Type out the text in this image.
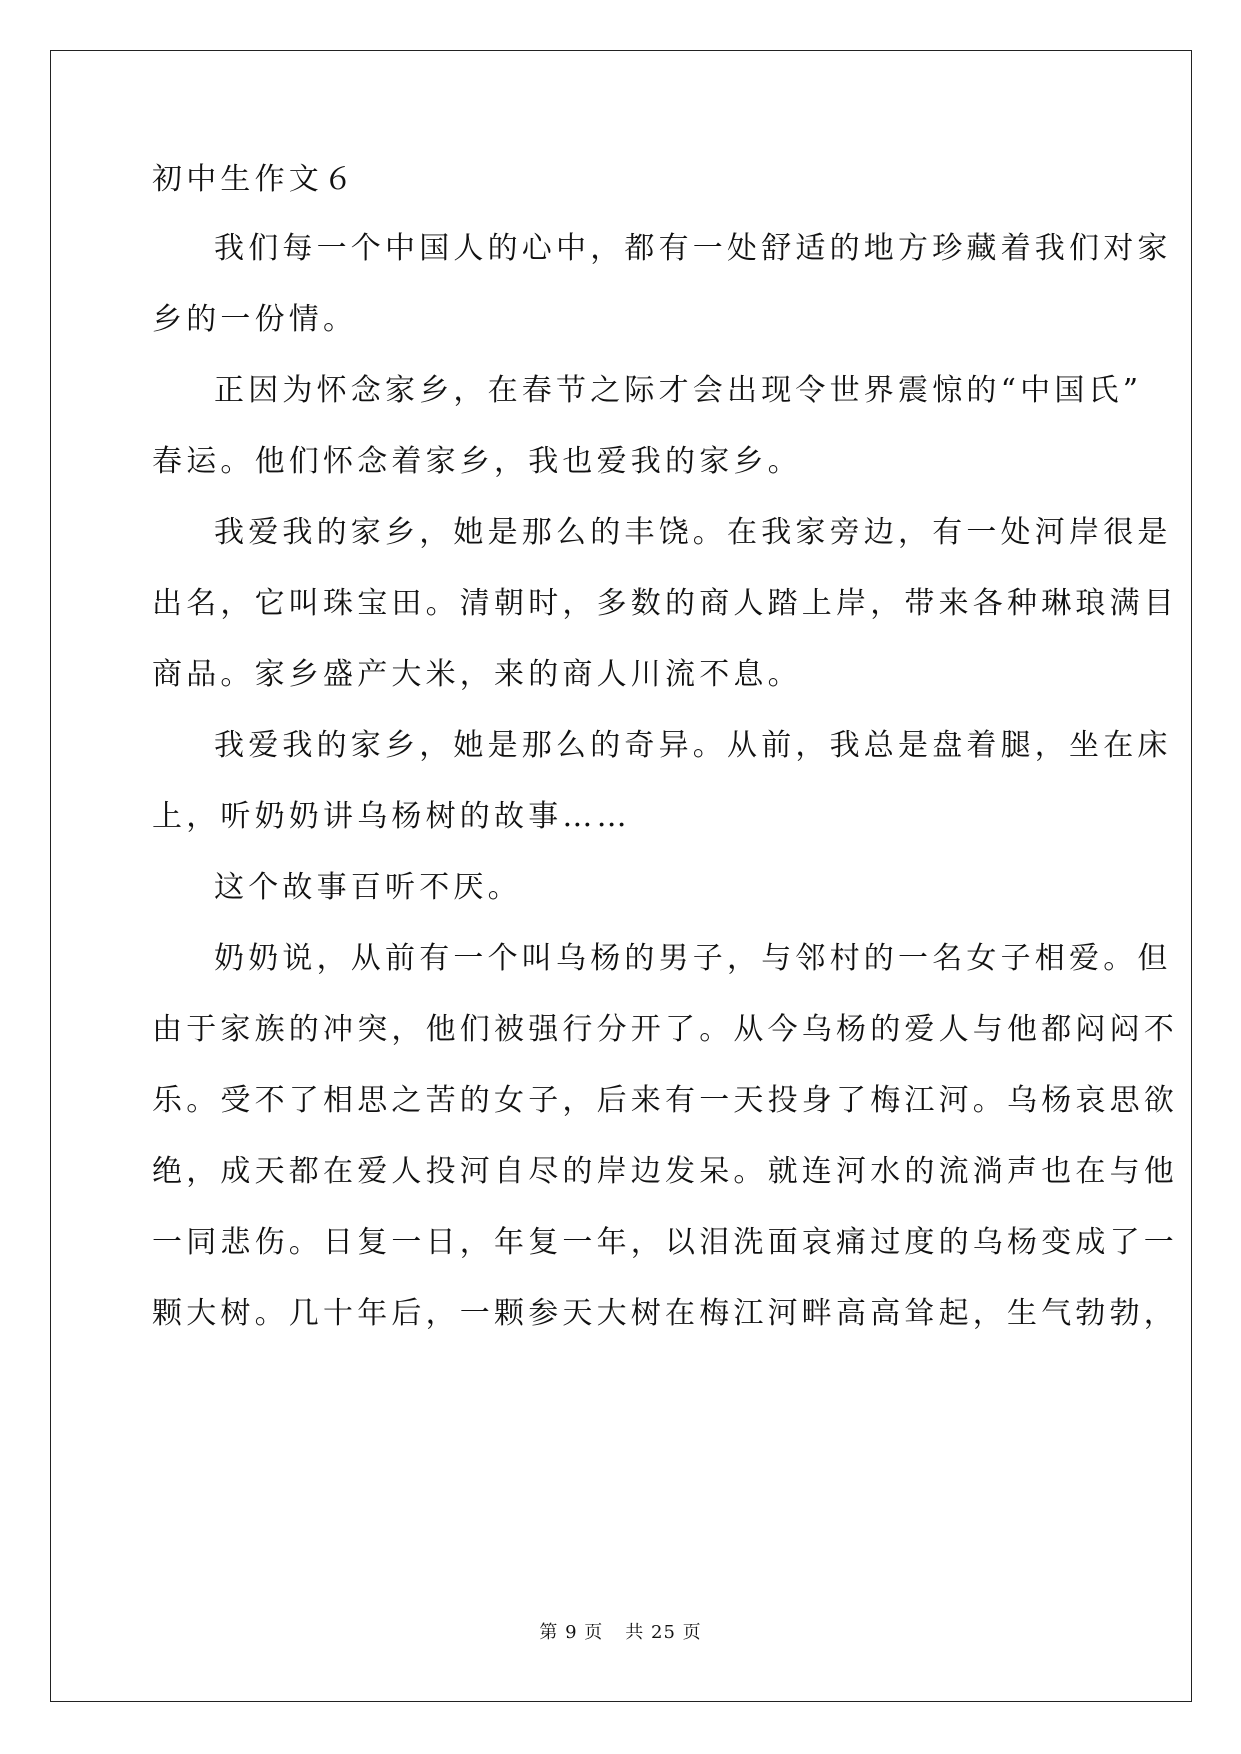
初中生作文６
我们每一个中国人的心中，都有一处舒适的地方珍藏着我们对家
乡的一份情。
正因为怀念家乡，在春节之际才会出现令世界震惊的“中国氏”
春运。他们怀念着家乡，我也爱我的家乡。
我爱我的家乡，她是那么的丰饶。在我家旁边，有一处河岸很是
出名，它叫珠宝田。清朝时，多数的商人踏上岸，带来各种琳琅满目
商品。家乡盛产大米，来的商人川流不息。
我爱我的家乡，她是那么的奇异。从前，我总是盘着腿，坐在床
上，听奶奶讲乌杨树的故事……
这个故事百听不厌。
奶奶说，从前有一个叫乌杨的男子，与邻村的一名女子相爱。但
由于家族的冲突，他们被强行分开了。从今乌杨的爱人与他都闷闷不
乐。受不了相思之苦的女子，后来有一天投身了梅江河。乌杨哀思欲
绝，成天都在爱人投河自尽的岸边发呆。就连河水的流淌声也在与他
一同悲伤。日复一日，年复一年，以泪洗面哀痛过度的乌杨变成了一
颗大树。几十年后，一颗参天大树在梅江河畔高高耸起，生气勃勃，
第 9 页 共 25 页
